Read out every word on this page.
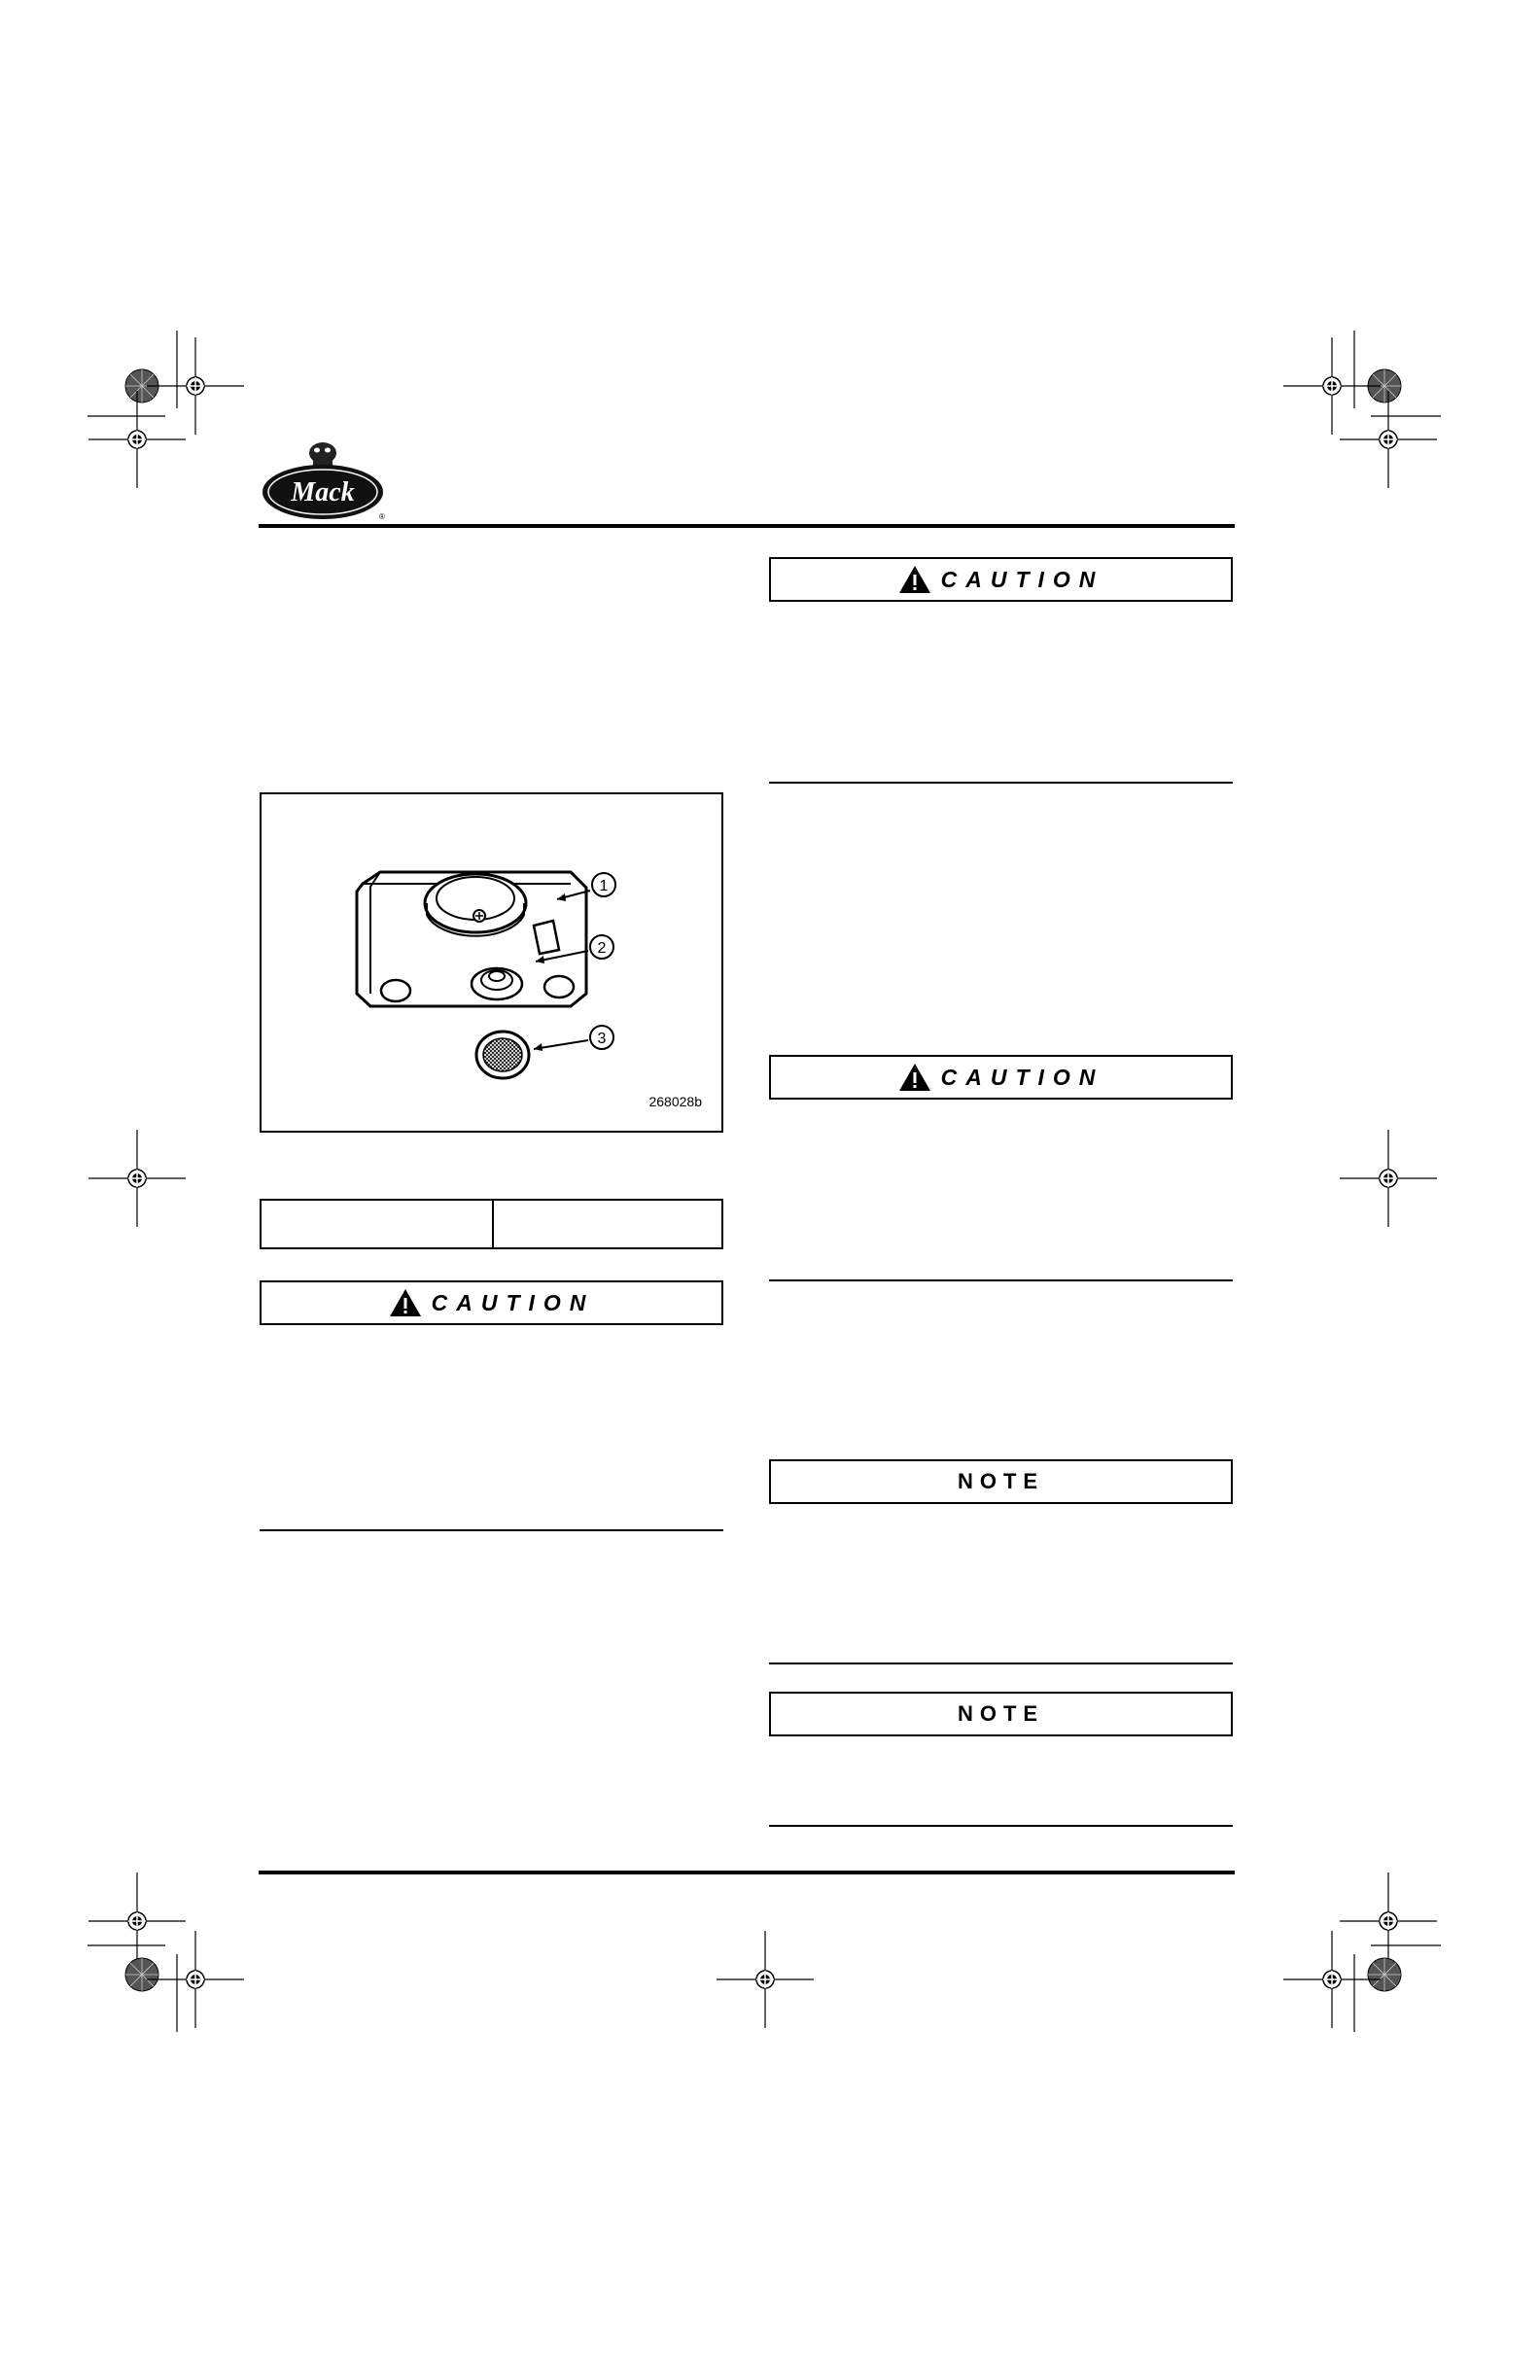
Mack
®
1
2
3
268028b
CAUTION
CAUTION
CAUTION
NOTE
NOTE
